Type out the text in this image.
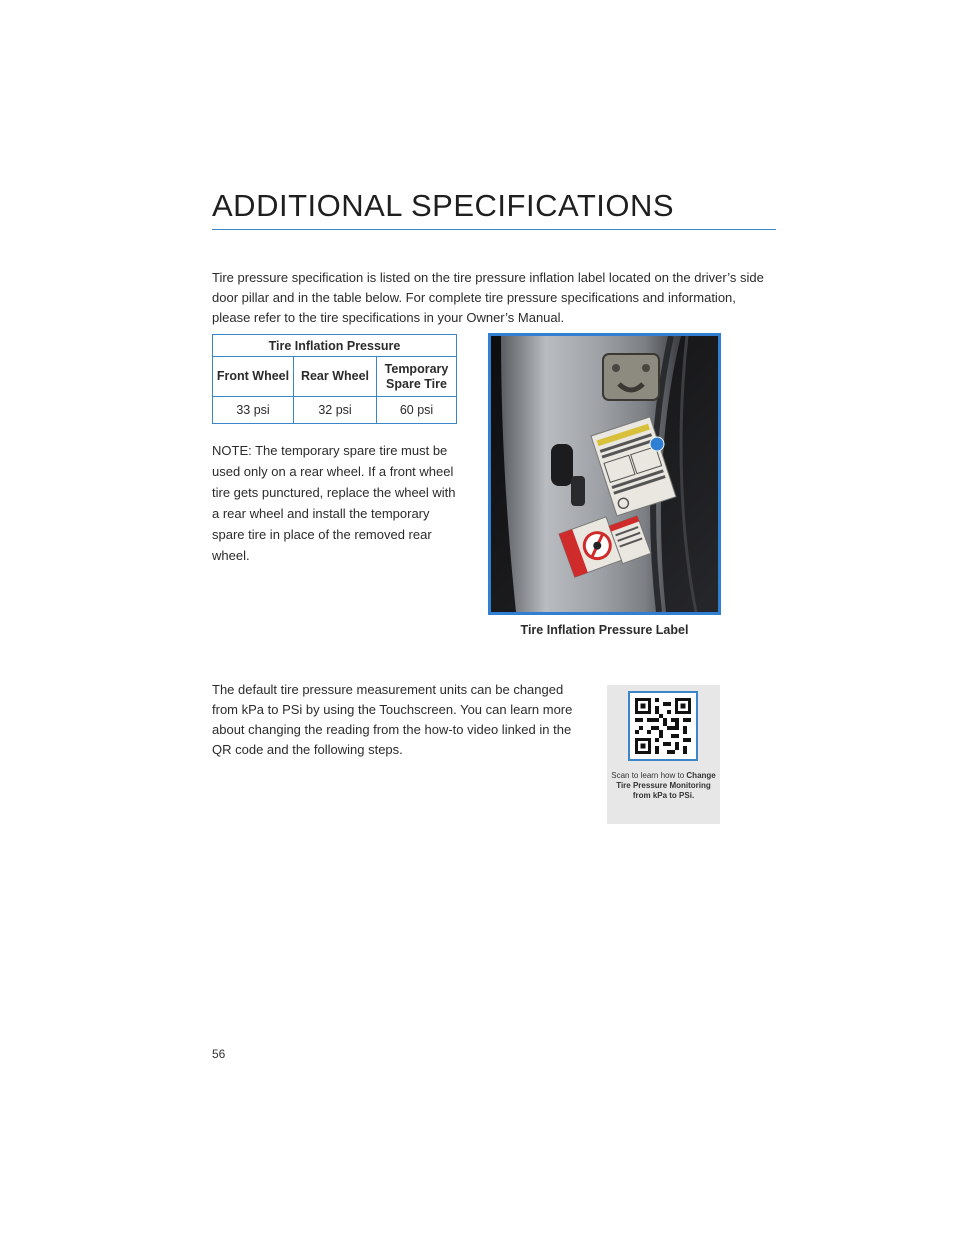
ADDITIONAL SPECIFICATIONS

Tire pressure specification is listed on the tire pressure inflation label located on the driver’s side door pillar and in the table below. For complete tire pressure specifications and information, please refer to the tire specifications in your Owner’s Manual.

Tire Inflation Pressure		
Front Wheel	Rear Wheel	Temporary Spare Tire
33 psi	32 psi	60 psi

NOTE: The temporary spare tire must be used only on a rear wheel. If a front wheel tire gets punctured, replace the wheel with a rear wheel and install the temporary spare tire in place of the removed rear wheel.

Tire Inflation Pressure Label

The default tire pressure measurement units can be changed from kPa to PSi by using the Touchscreen. You can learn more about changing the reading from the how-to video linked in the QR code and the following steps.

Scan to learn how to Change Tire Pressure Monitoring from kPa to PSi.

56
